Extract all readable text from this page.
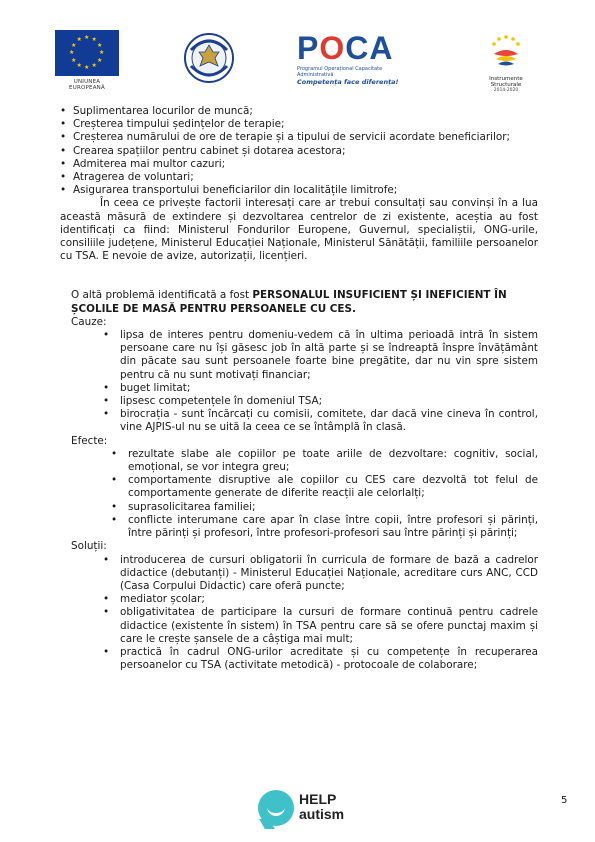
★
★
★
★
★
★
★
★
★ ★ ★
★
UNIUNEA EUROPEANĂ
POCA
Programul Operațional Capacitate Administrativă
Competența face diferența!	Instrumente Structurale
2014-2020
• Suplimentarea locurilor de muncă;
• Creșterea timpului ședințelor de terapie;
• Creșterea numărului de ore de terapie și a tipului de servicii acordate beneficiarilor;
• Crearea spațiilor pentru cabinet și dotarea acestora;
• Admiterea mai multor cazuri;
• Atragerea de voluntari;
• Asigurarea transportului beneficiarilor din localitățile limitrofe;

În ceea ce privește factorii interesați care ar trebui consultați sau convinși în a lua această măsură de extindere și dezvoltarea centrelor de zi existente, aceștia au fost identificați ca fiind: Ministerul Fondurilor Europene, Guvernul, specialiștii, ONG-urile, consiliile județene, Ministerul Educației Naționale, Ministerul Sănătății, familiile persoanelor cu TSA. E nevoie de avize, autorizații, licențieri.

O altă problemă identificată a fost PERSONALUL INSUFICIENT ȘI INEFICIENT ÎN ȘCOLILE DE MASĂ PENTRU PERSOANELE CU CES.

Cauze:

• lipsa de interes pentru domeniu-vedem că în ultima perioadă intră în sistem persoane care nu își găsesc job în altă parte și se îndreaptă înspre învățământ din păcate sau sunt persoanele foarte bine pregătite, dar nu vin spre sistem pentru că nu sunt motivați financiar;
• buget limitat;
• lipsesc competențele în domeniul TSA;
• birocrația - sunt încărcați cu comisii, comitete, dar dacă vine cineva în control, vine AJPIS-ul nu se uită la ceea ce se întâmplă în clasă.

Efecte:

• rezultate slabe ale copiilor pe toate ariile de dezvoltare: cognitiv, social, emoțional, se vor integra greu;
• comportamente disruptive ale copiilor cu CES care dezvoltă tot felul de comportamente generate de diferite reacții ale celorlalți;
• suprasolicitarea familiei;
• conflicte interumane care apar în clase între copii, între profesori și părinți, între părinți și profesori, între profesori-profesori sau între părinți și părinți;

Soluții:

• introducerea de cursuri obligatorii în curricula de formare de bază a cadrelor didactice (debutanți) - Ministerul Educației Naționale, acreditare curs ANC, CCD (Casa Corpului Didactic) care oferă puncte;
• mediator școlar;
• obligativitatea de participare la cursuri de formare continuă pentru cadrele didactice (existente în sistem) în TSA pentru care să se ofere punctaj maxim și care le crește șansele de a câștiga mai mult;
• practică în cadrul ONG-urilor acreditate și cu competențe în recuperarea persoanelor cu TSA (activitate metodică) - protocoale de colaborare;
HELP
autism
5
